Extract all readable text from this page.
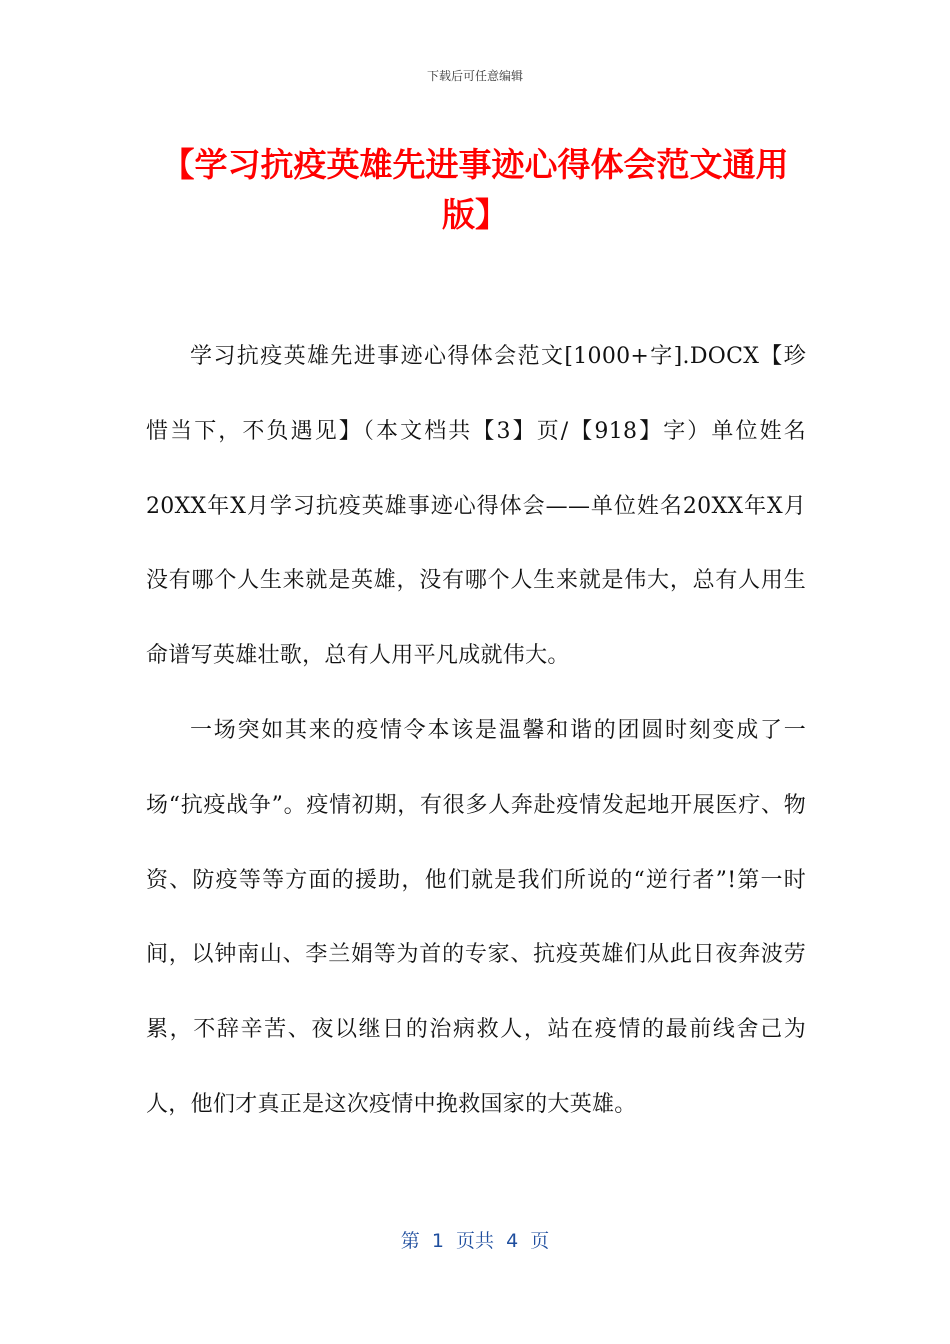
下载后可任意编辑
【学习抗疫英雄先进事迹心得体会范文通用版】

学习抗疫英雄先进事迹心得体会范文[1000+字].DOCX【珍惜当下，不负遇见】（本文档共【3】页/【918】字）单位姓名20XX年X月学习抗疫英雄事迹心得体会——单位姓名20XX年X月没有哪个人生来就是英雄，没有哪个人生来就是伟大，总有人用生命谱写英雄壮歌，总有人用平凡成就伟大。

一场突如其来的疫情令本该是温馨和谐的团圆时刻变成了一场“抗疫战争”。疫情初期，有很多人奔赴疫情发起地开展医疗、物资、防疫等等方面的援助，他们就是我们所说的“逆行者”!第一时间，以钟南山、李兰娟等为首的专家、抗疫英雄们从此日夜奔波劳累，不辞辛苦、夜以继日的治病救人，站在疫情的最前线舍己为人，他们才真正是这次疫情中挽救国家的大英雄。

第  1  页共  4  页
